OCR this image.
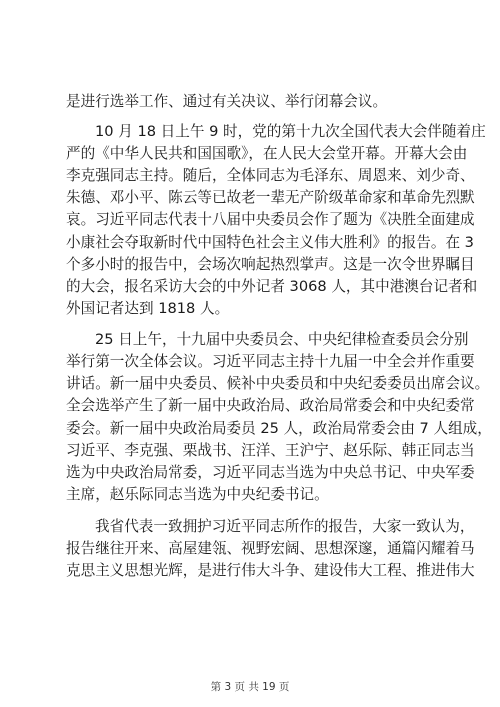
是进行选举工作、通过有关决议、举行闭幕会议。
10 月 18 日上午 9 时，党的第十九次全国代表大会伴随着庄
严的《中华人民共和国国歌》，在人民大会堂开幕。开幕大会由
李克强同志主持。随后，全体同志为毛泽东、周恩来、刘少奇、
朱德、邓小平、陈云等已故老一辈无产阶级革命家和革命先烈默
哀。习近平同志代表十八届中央委员会作了题为《决胜全面建成
小康社会夺取新时代中国特色社会主义伟大胜利》的报告。在 3
个多小时的报告中，会场次响起热烈掌声。这是一次令世界瞩目
的大会，报名采访大会的中外记者 3068 人，其中港澳台记者和
外国记者达到 1818 人。
25 日上午，十九届中央委员会、中央纪律检查委员会分别
举行第一次全体会议。习近平同志主持十九届一中全会并作重要
讲话。新一届中央委员、候补中央委员和中央纪委委员出席会议。
全会选举产生了新一届中央政治局、政治局常委会和中央纪委常
委会。新一届中央政治局委员 25 人，政治局常委会由 7 人组成，
习近平、李克强、栗战书、汪洋、王沪宁、赵乐际、韩正同志当
选为中央政治局常委，习近平同志当选为中央总书记、中央军委
主席，赵乐际同志当选为中央纪委书记。
我省代表一致拥护习近平同志所作的报告，大家一致认为，
报告继往开来、高屋建瓴、视野宏阔、思想深邃，通篇闪耀着马
克思主义思想光辉，是进行伟大斗争、建设伟大工程、推进伟大
第 3 页 共 19 页
